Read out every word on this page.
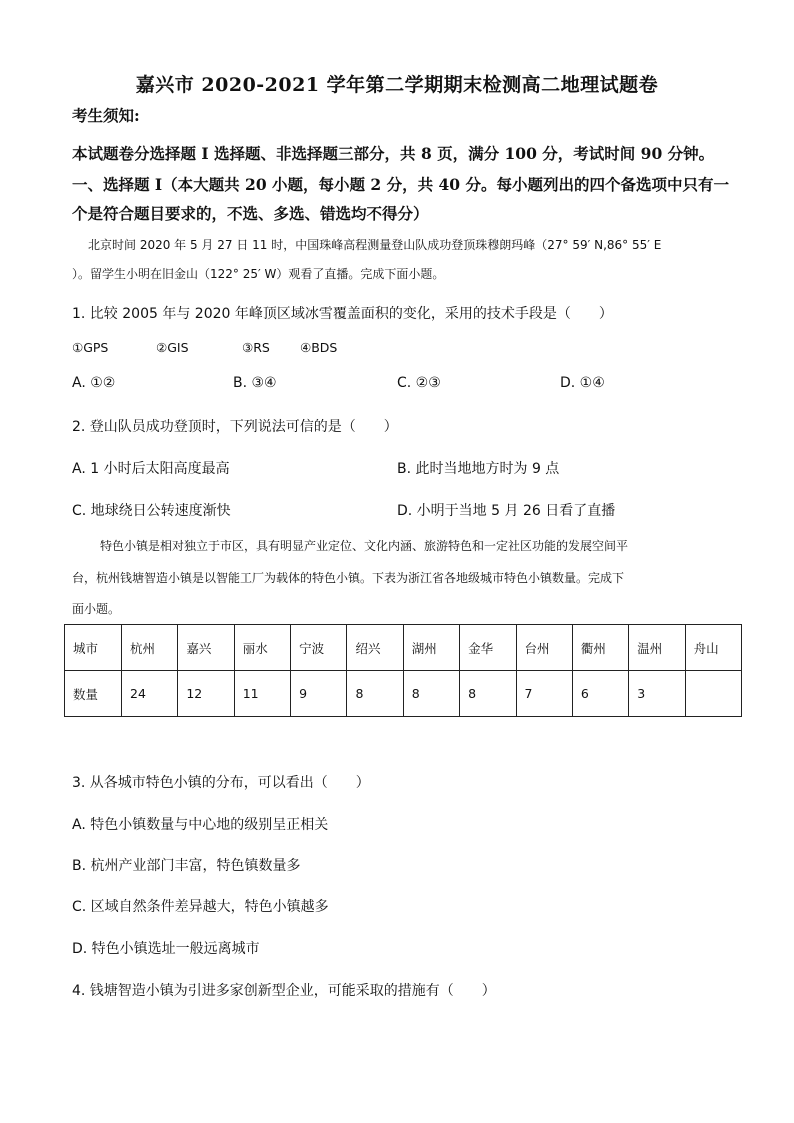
嘉兴市 2020-2021 学年第二学期期末检测高二地理试题卷
考生须知:
本试题卷分选择题 I 选择题、非选择题三部分，共 8 页，满分 100 分，考试时间 90 分钟。
一、选择题 I（本大题共 20 小题，每小题 2 分，共 40 分。每小题列出的四个备选项中只有一
个是符合题目要求的，不选、多选、错选均不得分）
北京时间 2020 年 5 月 27 日 11 时，中国珠峰高程测量登山队成功登顶珠穆朗玛峰（27° 59′ N,86° 55′ E
）。留学生小明在旧金山（122° 25′ W）观看了直播。完成下面小题。
1. 比较 2005 年与 2020 年峰顶区域冰雪覆盖面积的变化，采用的技术手段是（　　）
①GPS	②GIS	③RS ④BDS
A. ①②	B. ③④	C. ②③	D. ①④
2. 登山队员成功登顶时，下列说法可信的是（　　）
A. 1 小时后太阳高度最高	B. 此时当地地方时为 9 点
C. 地球绕日公转速度渐快	D. 小明于当地 5 月 26 日看了直播
特色小镇是相对独立于市区，具有明显产业定位、文化内涵、旅游特色和一定社区功能的发展空间平
台，杭州钱塘智造小镇是以智能工厂为载体的特色小镇。下表为浙江省各地级城市特色小镇数量。完成下
面小题。
城市	杭州	嘉兴	丽水	宁波	绍兴	湖州	金华	台州	衢州	温州	舟山
数量	24	12	11	9	8	8	8	7	6	3	
3. 从各城市特色小镇的分布，可以看出（　　）
A. 特色小镇数量与中心地的级别呈正相关
B. 杭州产业部门丰富，特色镇数量多
C. 区域自然条件差异越大，特色小镇越多
D. 特色小镇选址一般远离城市
4. 钱塘智造小镇为引进多家创新型企业，可能采取的措施有（　　）
